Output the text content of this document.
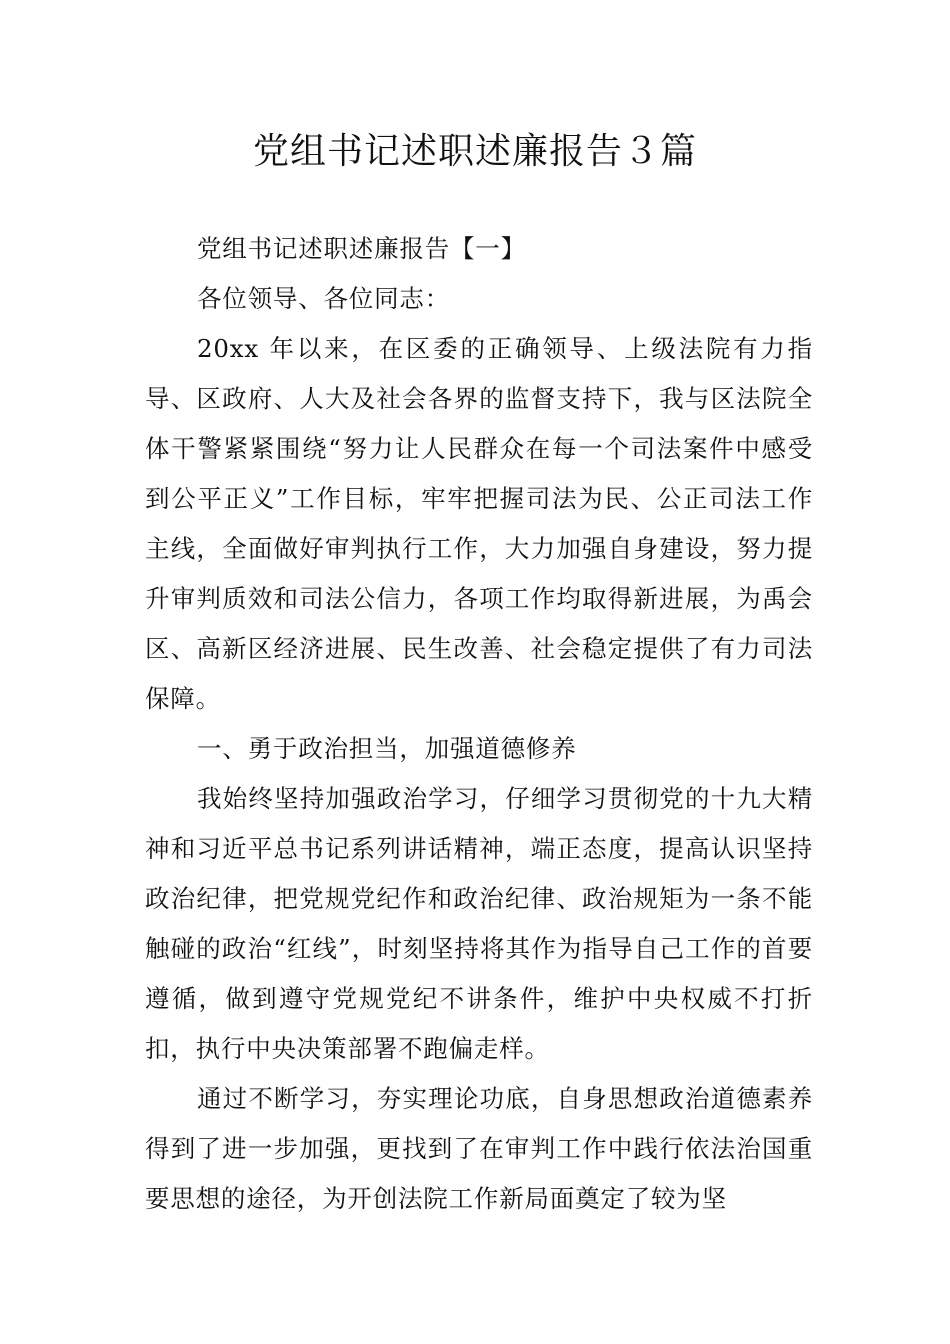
党组书记述职述廉报告３篇

党组书记述职述廉报告【一】

各位领导、各位同志：

20xx 年以来，在区委的正确领导、上级法院有力指导、区政府、人大及社会各界的监督支持下，我与区法院全体干警紧紧围绕“努力让人民群众在每一个司法案件中感受到公平正义”工作目标，牢牢把握司法为民、公正司法工作主线，全面做好审判执行工作，大力加强自身建设，努力提升审判质效和司法公信力，各项工作均取得新进展，为禹会区、高新区经济进展、民生改善、社会稳定提供了有力司法保障。

一、勇于政治担当，加强道德修养

我始终坚持加强政治学习，仔细学习贯彻党的十九大精神和习近平总书记系列讲话精神，端正态度，提高认识坚持政治纪律，把党规党纪作和政治纪律、政治规矩为一条不能触碰的政治“红线”，时刻坚持将其作为指导自己工作的首要遵循，做到遵守党规党纪不讲条件，维护中央权威不打折扣，执行中央决策部署不跑偏走样。

通过不断学习，夯实理论功底，自身思想政治道德素养得到了进一步加强，更找到了在审判工作中践行依法治国重要思想的途径，为开创法院工作新局面奠定了较为坚
